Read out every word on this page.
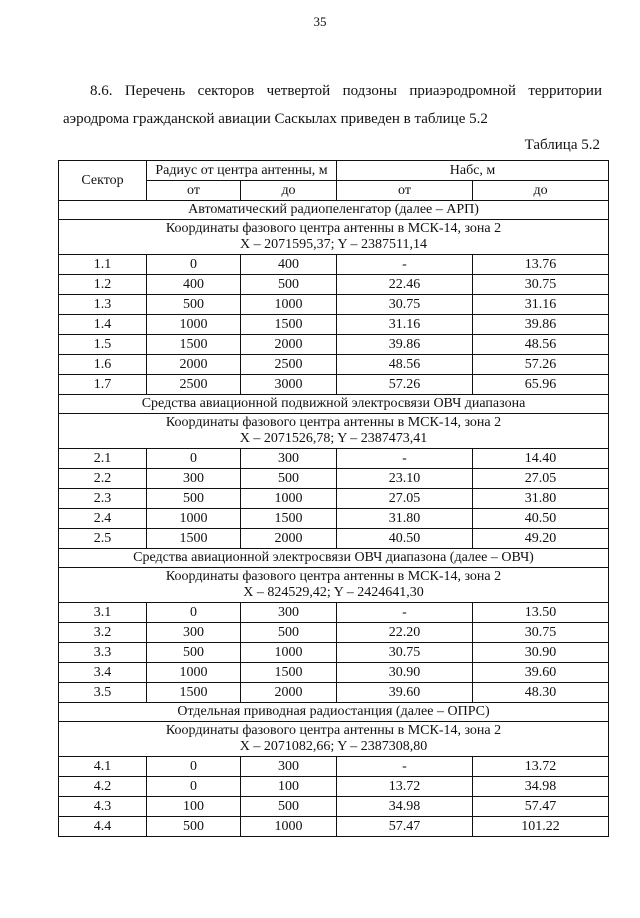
35
8.6. Перечень секторов четвертой подзоны приаэродромной территории
аэродрома гражданской авиации Саскылах приведен в таблице 5.2
Таблица 5.2
Сектор	Радиус от центра антенны, м		Набс, м	
	от	до	от	до
Автоматический радиопеленгатор (далее – АРП)				

Координаты фазового центра антенны в МСК-14, зона 2
X – 2071595,37; Y – 2387511,14				

1.1	0	400	-	13.76
1.2	400	500	22.46	30.75
1.3	500	1000	30.75	31.16
1.4	1000	1500	31.16	39.86
1.5	1500	2000	39.86	48.56
1.6	2000	2500	48.56	57.26
1.7	2500	3000	57.26	65.96
Средства авиационной подвижной электросвязи ОВЧ диапазона				

Координаты фазового центра антенны в МСК-14, зона 2
X – 2071526,78; Y – 2387473,41				

2.1	0	300	-	14.40
2.2	300	500	23.10	27.05
2.3	500	1000	27.05	31.80
2.4	1000	1500	31.80	40.50
2.5	1500	2000	40.50	49.20
Средства авиационной электросвязи ОВЧ диапазона (далее – ОВЧ)				

Координаты фазового центра антенны в МСК-14, зона 2
X – 824529,42; Y – 2424641,30				

3.1	0	300	-	13.50
3.2	300	500	22.20	30.75
3.3	500	1000	30.75	30.90
3.4	1000	1500	30.90	39.60
3.5	1500	2000	39.60	48.30
Отдельная приводная радиостанция (далее – ОПРС)				

Координаты фазового центра антенны в МСК-14, зона 2
X – 2071082,66; Y – 2387308,80				

4.1	0	300	-	13.72
4.2	0	100	13.72	34.98
4.3	100	500	34.98	57.47
4.4	500	1000	57.47	101.22
